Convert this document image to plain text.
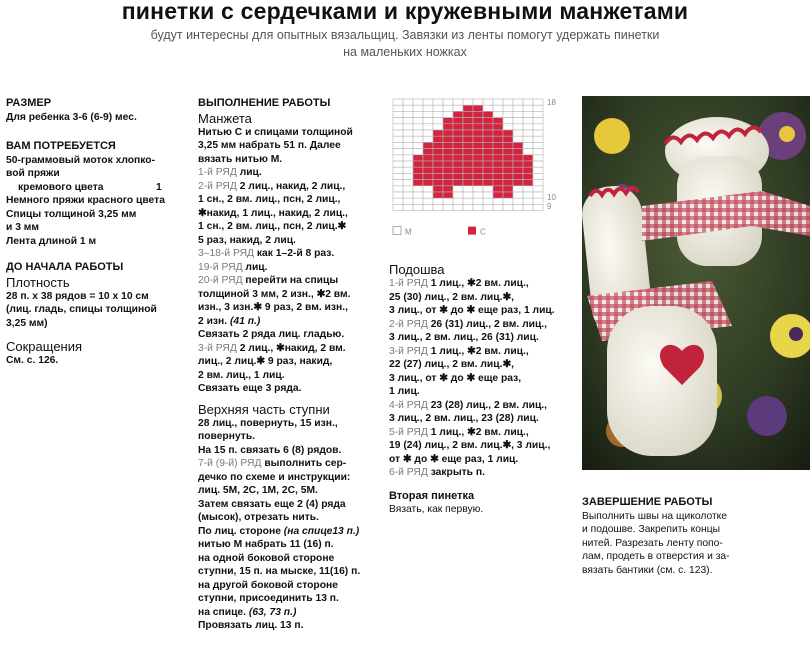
пинетки с сердечками и кружевными манжетами
будут интересны для опытных вязальщиц. Завязки из ленты помогут удержать пинетки
на маленьких ножках

РАЗМЕР

Для ребенка 3-6 (6-9) мес.

ВАМ ПОТРЕБУЕТСЯ

50-граммовый моток хлопко-

вой пряжи

кремового цвета	1

Немного пряжи красного цвета

Спицы толщиной 3,25 мм

и 3 мм

Лента длиной 1 м

ДО НАЧАЛА РАБОТЫ

Плотность

28 п. х 38 рядов = 10 х 10 см

(лиц. гладь, спицы толщиной

3,25 мм)

Сокращения

См. с. 126.

ВЫПОЛНЕНИЕ РАБОТЫ

Манжета

Нитью С и спицами толщиной

3,25 мм набрать 51 п. Далее

вязать нитью М.

1-й РЯД лиц.

2-й РЯД 2 лиц., накид, 2 лиц.,

1 сн., 2 вм. лиц., псн, 2 лиц.,

✱накид, 1 лиц., накид, 2 лиц.,

1 сн., 2 вм. лиц., псн, 2 лиц.✱

5 раз, накид, 2 лиц.

3–18-й РЯД как 1–2-й 8 раз.

19-й РЯД лиц.

20-й РЯД перейти на спицы

толщиной 3 мм, 2 изн., ✱2 вм.

изн., 3 изн.✱ 9 раз, 2 вм. изн.,

2 изн. (41 п.)

Связать 2 ряда лиц. гладью.

3-й РЯД 2 лиц., ✱накид, 2 вм.

лиц., 2 лиц.✱ 9 раз, накид,

2 вм. лиц., 1 лиц.

Связать еще 3 ряда.

Верхняя часть ступни

28 лиц., повернуть, 15 изн.,

повернуть.

На 15 п. связать 6 (8) рядов.

7-й (9-й) РЯД выполнить сер-

дечко по схеме и инструкции:

лиц. 5М, 2С, 1М, 2С, 5М.

Затем связать еще 2 (4) ряда

(мысок), отрезать нить.

По лиц. стороне (на спице13 п.)

нитью М набрать 11 (16) п.

на одной боковой стороне

ступни, 15 п. на мыске, 11(16) п.

на другой боковой стороне

ступни, присоединить 13 п.

на спице. (63, 73 п.)

Провязать лиц. 13 п.

18
10
9
М	С

Подошва

1-й РЯД 1 лиц., ✱2 вм. лиц.,

25 (30) лиц., 2 вм. лиц.✱,

3 лиц., от ✱ до ✱ еще раз, 1 лиц.

2-й РЯД 26 (31) лиц., 2 вм. лиц.,

3 лиц., 2 вм. лиц., 26 (31) лиц.

3-й РЯД 1 лиц., ✱2 вм. лиц.,

22 (27) лиц., 2 вм. лиц.✱,

3 лиц., от ✱ до ✱ еще раз,

1 лиц.

4-й РЯД 23 (28) лиц., 2 вм. лиц.,

3 лиц., 2 вм. лиц., 23 (28) лиц.

5-й РЯД 1 лиц., ✱2 вм. лиц.,

19 (24) лиц., 2 вм. лиц.✱, 3 лиц.,

от ✱ до ✱ еще раз, 1 лиц.

6-й РЯД закрыть п.

Вторая пинетка

Вязать, как первую.

ЗАВЕРШЕНИЕ РАБОТЫ

Выполнить швы на щиколотке

и подошве. Закрепить концы

нитей. Разрезать ленту попо-

лам, продеть в отверстия и за-

вязать бантики (см. с. 123).
